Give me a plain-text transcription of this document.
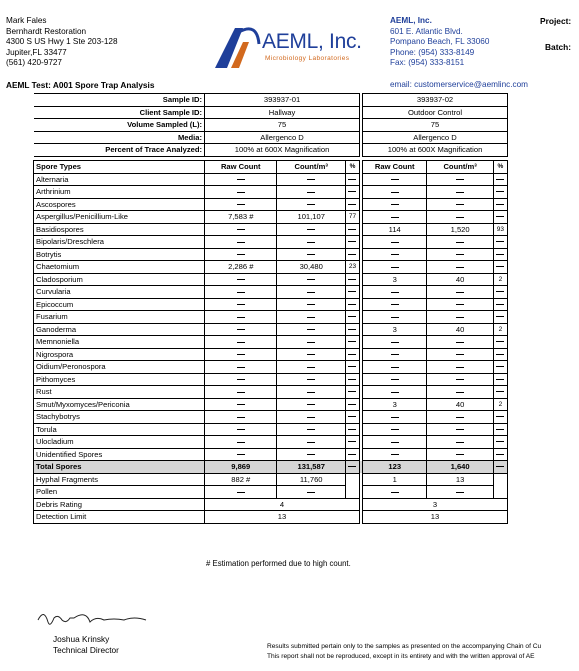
Mark Fales
Bernhardt Restoration
4300 S US Hwy 1 Ste 203-128
Jupiter,FL 33477
(561) 420-9727
AEML, Inc.
Microbiology Laboratories
AEML, Inc.
601 E. Atlantic Blvd.
Pompano Beach, FL 33060
Phone: (954) 333-8149
Fax: (954) 333-8151
Project:
Batch:
AEML Test: A001 Spore Trap Analysis	email: customerservice@aemlinc.com
Sample ID:	393937-01				393937-02		
Client Sample ID:	Hallway				Outdoor Control		
Volume Sampled (L):	75				75		
Media:	Allergenco D				Allergenco D		
Percent of Trace Analyzed:	100% at 600X Magnification				100% at 600X Magnification		

Spore Types	Raw Count	Count/m³	%		Raw Count	Count/m³	%
Alternaria							
Arthrinium							
Ascospores							
Aspergillus/Penicillium-Like	7,583 #	101,107	77				
Basidiospores					114	1,520	93
Bipolaris/Dreschlera							
Botrytis							
Chaetomium	2,286 #	30,480	23				
Cladosporium					3	40	2
Curvularia							
Epicoccum							
Fusarium							
Ganoderma					3	40	2
Memnoniella							
Nigrospora							
Oidium/Peronospora							
Pithomyces							
Rust							
Smut/Myxomyces/Periconia					3	40	2
Stachybotrys							
Torula							
Ulocladium							
Unidentified Spores							
Total Spores	9,869	131,587			123	1,640	
Hyphal Fragments	882 #	11,760			1	13	
Pollen							
Debris Rating	4				3		
Detection Limit	13				13		
# Estimation performed due to high count.
Joshua Krinsky
Technical Director	Results submitted pertain only to the samples as presented on the accompanying Chain of Cu
This report shall not be reproduced, except in its entirety and with the written approval of AE
